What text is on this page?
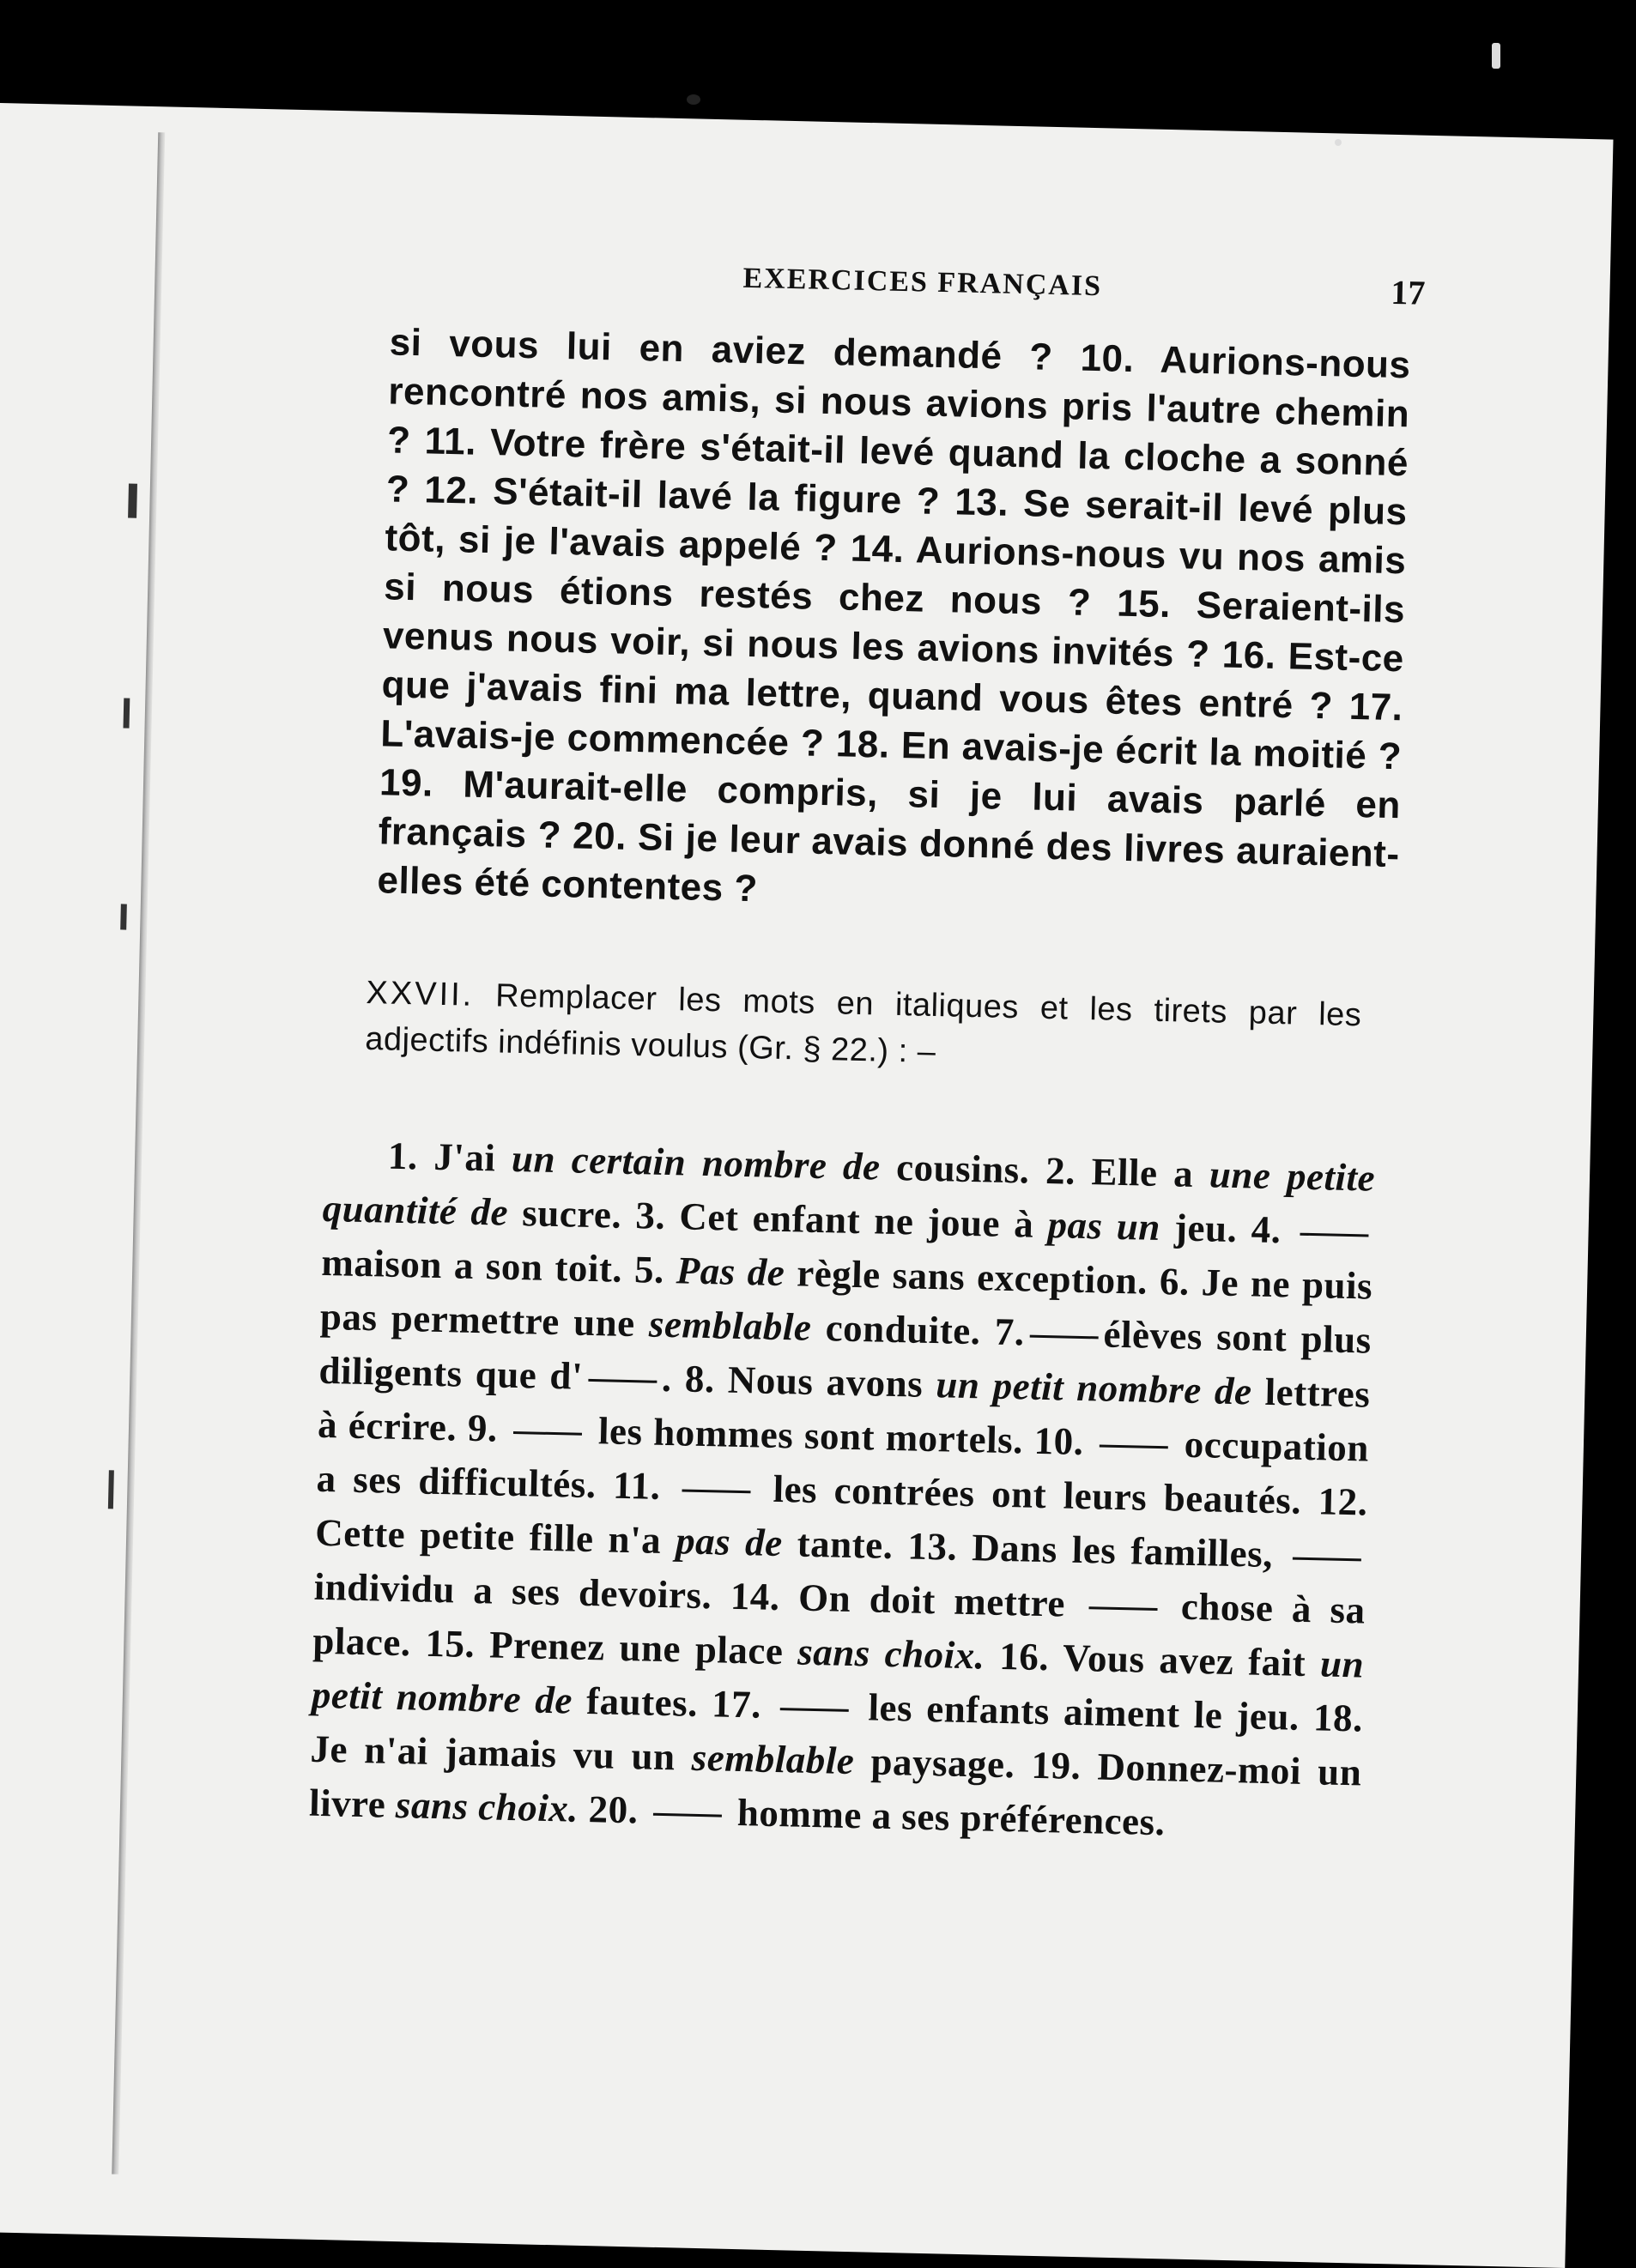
EXERCICES FRANÇAIS	17
si vous lui en aviez demandé ? 10. Aurions-nous rencontré nos amis, si nous avions pris l'autre chemin ? 11. Votre frère s'était-il levé quand la cloche a sonné ? 12. S'était-il lavé la figure ? 13. Se serait-il levé plus tôt, si je l'avais appelé ? 14. Aurions-nous vu nos amis si nous étions restés chez nous ? 15. Seraient-ils venus nous voir, si nous les avions invités ? 16. Est-ce que j'avais fini ma lettre, quand vous êtes entré ? 17. L'avais-je commencée ? 18. En avais-je écrit la moitié ? 19. M'aurait-elle compris, si je lui avais parlé en français ? 20. Si je leur avais donné des livres auraient-elles été contentes ?
XXVII. Remplacer les mots en italiques et les tirets par les adjectifs indéfinis voulus (Gr. § 22.) : –
1. J'ai un certain nombre de cousins. 2. Elle a une petite quantité de sucre. 3. Cet enfant ne joue à pas un jeu. 4.  maison a son toit. 5. Pas de règle sans exception. 6. Je ne puis pas permettre une semblable conduite. 7. élèves sont plus diligents que d' . 8. Nous avons un petit nombre de lettres à écrire. 9.	les hommes sont mortels. 10.	occupation a ses difficultés. 11.	les contrées ont leurs beautés. 12. Cette petite fille n'a pas de tante. 13. Dans les familles,  individu a ses devoirs. 14. On doit mettre	chose à sa place. 15. Prenez une place sans choix. 16. Vous avez fait un petit nombre de fautes. 17.	les enfants aiment le jeu. 18. Je n'ai jamais vu un semblable paysage. 19. Donnez-moi un livre sans choix. 20.	homme a ses préférences.
